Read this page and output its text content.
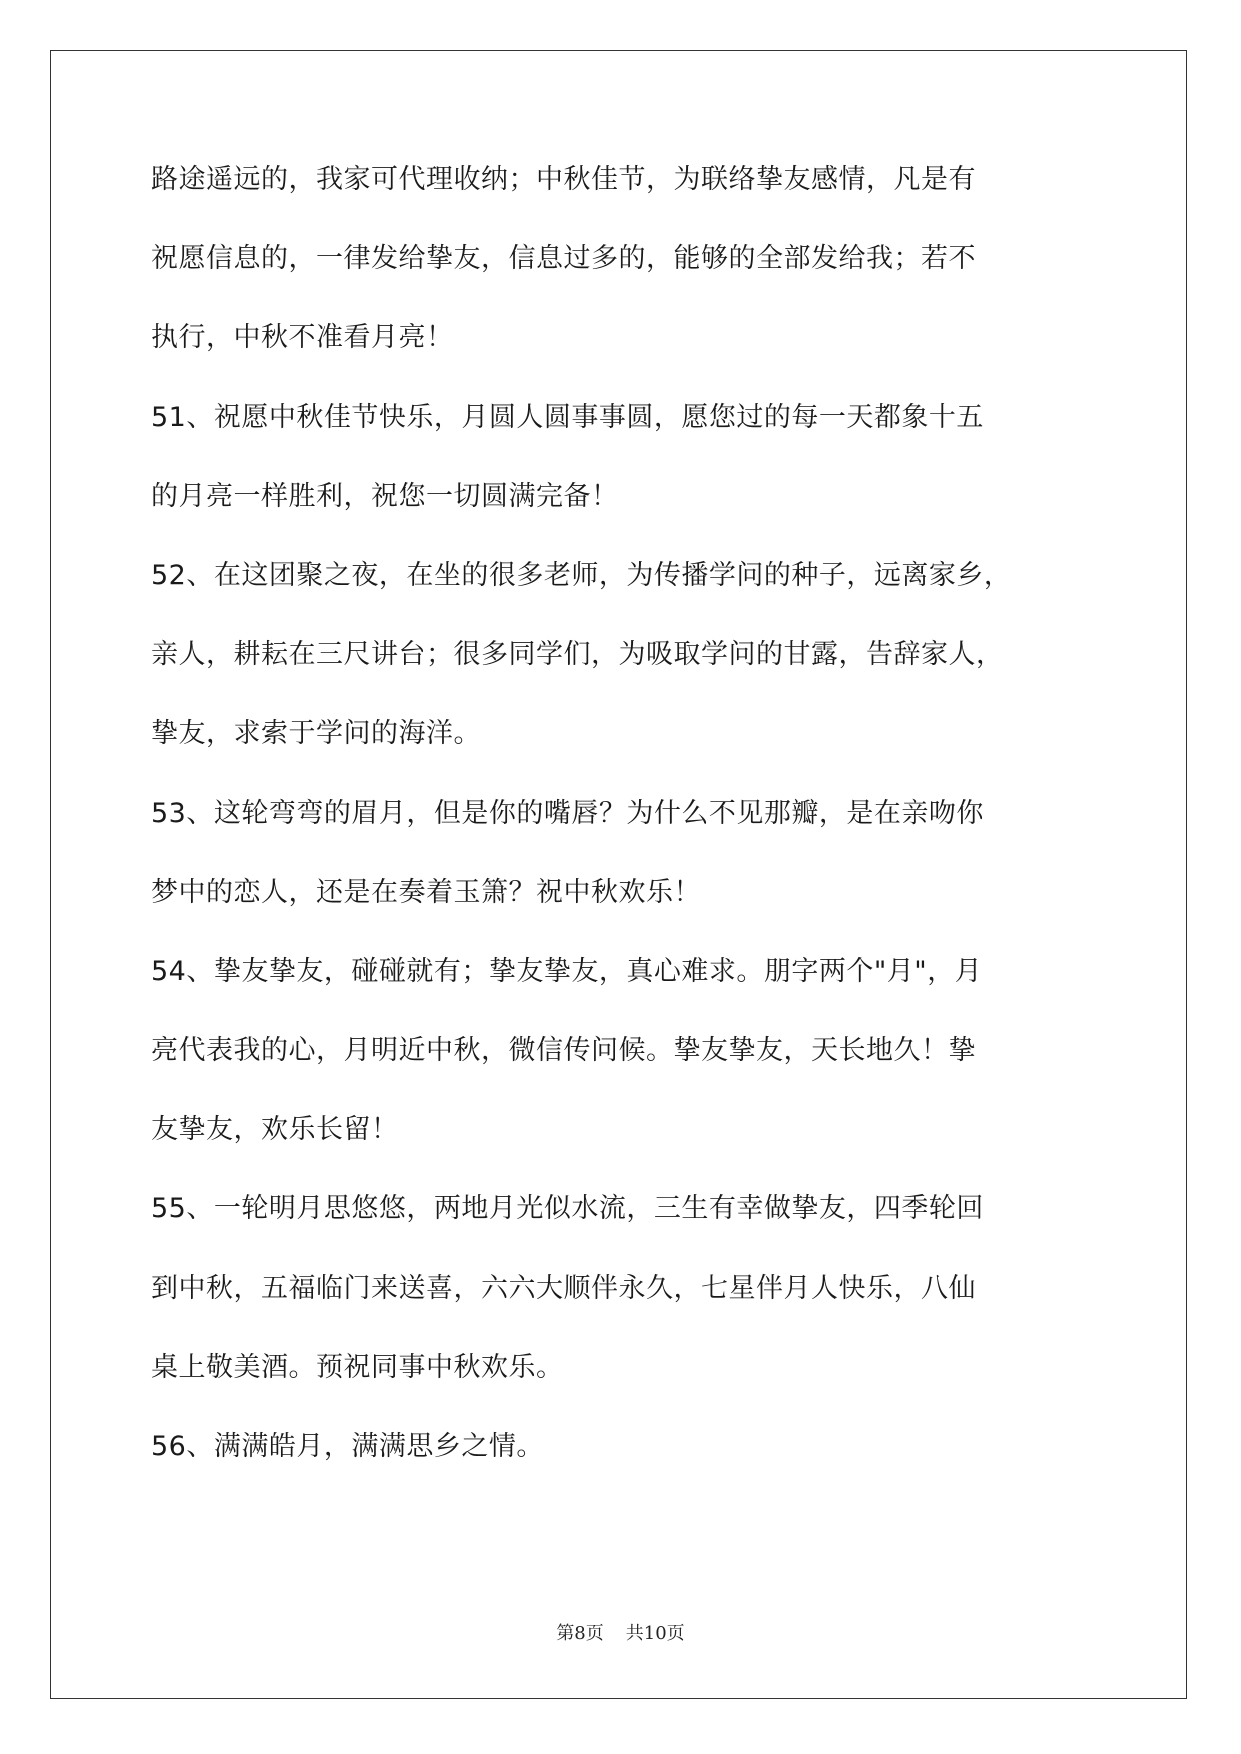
路途遥远的，我家可代理收纳；中秋佳节，为联络挚友感情，凡是有
祝愿信息的，一律发给挚友，信息过多的，能够的全部发给我；若不
执行，中秋不准看月亮！
51、祝愿中秋佳节快乐，月圆人圆事事圆，愿您过的每一天都象十五
的月亮一样胜利，祝您一切圆满完备！
52、在这团聚之夜，在坐的很多老师，为传播学问的种子，远离家乡，
亲人，耕耘在三尺讲台；很多同学们，为吸取学问的甘露，告辞家人，
挚友，求索于学问的海洋。
53、这轮弯弯的眉月，但是你的嘴唇？为什么不见那瓣，是在亲吻你
梦中的恋人，还是在奏着玉箫？祝中秋欢乐！
54、挚友挚友，碰碰就有；挚友挚友，真心难求。朋字两个"月"，月
亮代表我的心，月明近中秋，微信传问候。挚友挚友，天长地久！挚
友挚友，欢乐长留！
55、一轮明月思悠悠，两地月光似水流，三生有幸做挚友，四季轮回
到中秋，五福临门来送喜，六六大顺伴永久，七星伴月人快乐，八仙
桌上敬美酒。预祝同事中秋欢乐。
56、满满皓月，满满思乡之情。
第8页 共10页
